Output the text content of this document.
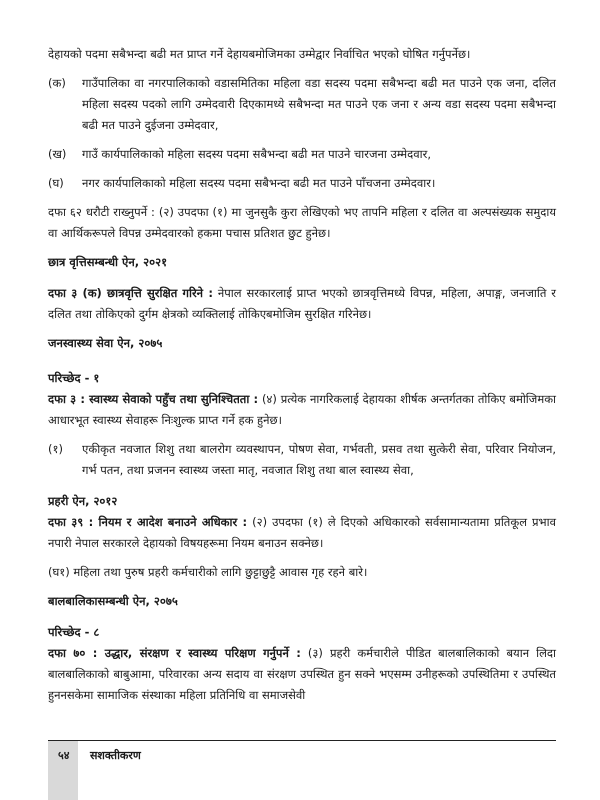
देहायको पदमा सबैभन्दा बढी मत प्राप्त गर्ने देहायबमोजिमका उम्मेद्वार निर्वाचित भएको घोषित गर्नुपर्नेछ।

(क)	गाउँपालिका वा नगरपालिकाको वडासमितिका महिला वडा सदस्य पदमा सबैभन्दा बढी मत पाउने एक जना, दलित महिला सदस्य पदको लागि उम्मेदवारी दिएकामध्ये सबैभन्दा मत पाउने एक जना र अन्य वडा सदस्य पदमा सबैभन्दा बढी मत पाउने दुईजना उम्मेदवार,

(ख)	गाउँ कार्यपालिकाको महिला सदस्य पदमा सबैभन्दा बढी मत पाउने चारजना उम्मेदवार,

(घ)	नगर कार्यपालिकाको महिला सदस्य पदमा सबैभन्दा बढी मत पाउने पाँचजना उम्मेदवार।

दफा ६२ धरौटी राख्नुपर्ने : (२) उपदफा (१) मा जुनसुकै कुरा लेखिएको भए तापनि महिला र दलित वा अल्पसंख्यक समुदाय वा आर्थिकरूपले विपन्न उम्मेदवारको हकमा पचास प्रतिशत छुट हुनेछ।

छात्र वृत्तिसम्बन्धी ऐन, २०२१

दफा ३ (क) छात्रवृत्ति सुरक्षित गरिने : नेपाल सरकारलाई प्राप्त भएको छात्रवृत्तिमध्ये विपन्न, महिला, अपाङ्ग, जनजाति र दलित तथा तोकिएको दुर्गम क्षेत्रको व्यक्तिलाई तोकिएबमोजिम सुरक्षित गरिनेछ।

जनस्वास्थ्य सेवा ऐन, २०७५
परिच्छेद - १

दफा ३ : स्वास्थ्य सेवाको पहुँच तथा सुनिश्चितता : (४) प्रत्येक नागरिकलाई देहायका शीर्षक अन्तर्गतका तोकिए बमोजिमका आधारभूत स्वास्थ्य सेवाहरू निःशुल्क प्राप्त गर्ने हक हुनेछ।

(१)	एकीकृत नवजात शिशु तथा बालरोग व्यवस्थापन, पोषण सेवा, गर्भवती, प्रसव तथा सुत्केरी सेवा, परिवार नियोजन, गर्भ पतन, तथा प्रजनन स्वास्थ्य जस्ता मातृ, नवजात शिशु तथा बाल स्वास्थ्य सेवा,

प्रहरी ऐन, २०१२

दफा ३९ : नियम र आदेश बनाउने अधिकार : (२) उपदफा (१) ले दिएको अधिकारको सर्वसामान्यतामा प्रतिकूल प्रभाव नपारी नेपाल सरकारले देहायको विषयहरूमा नियम बनाउन सक्नेछ।

(घ१) महिला तथा पुरुष प्रहरी कर्मचारीको लागि छुट्टाछुट्टै आवास गृह रहने बारे।

बालबालिकासम्बन्धी ऐन, २०७५
परिच्छेद - ८

दफा ७० : उद्धार, संरक्षण र स्वास्थ्य परिक्षण गर्नुपर्ने : (३) प्रहरी कर्मचारीले पीडित बालबालिकाको बयान लिदा बालबालिकाको बाबुआमा, परिवारका अन्य सदाय वा संरक्षण उपस्थित हुन सक्ने भएसम्म उनीहरूको उपस्थितिमा र उपस्थित हुननसकेमा सामाजिक संस्थाका महिला प्रतिनिधि वा समाजसेवी

५४ सशक्तीकरण
